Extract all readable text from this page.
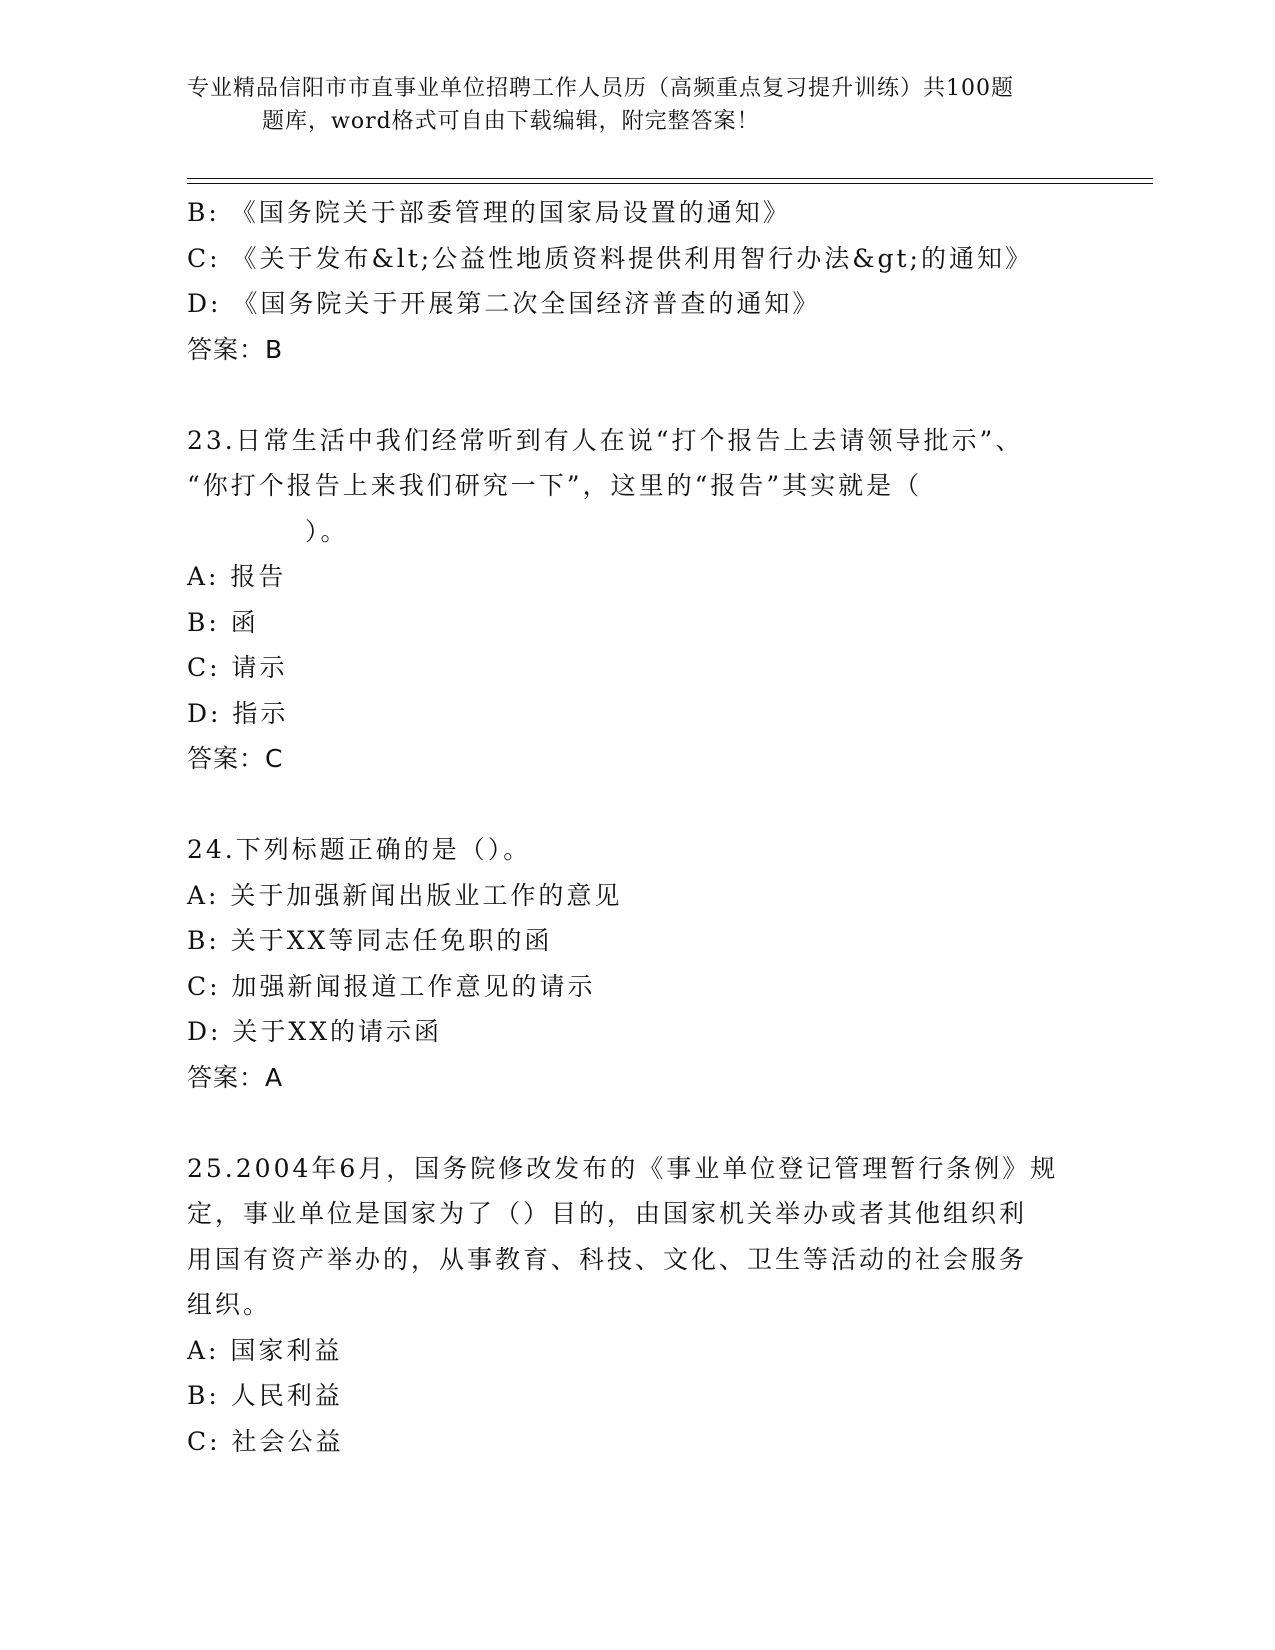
专业精品信阳市市直事业单位招聘工作人员历（高频重点复习提升训练）共100题
题库，word格式可自由下载编辑，附完整答案！
B: 《国务院关于部委管理的国家局设置的通知》
C: 《关于发布&lt;公益性地质资料提供利用智行办法&gt;的通知》
D: 《国务院关于开展第二次全国经济普查的通知》
答案：B
23.日常生活中我们经常听到有人在说“打个报告上去请领导批示”、
“你打个报告上来我们研究一下”，这里的“报告”其实就是（
）。
A: 报告
B: 函
C: 请示
D: 指示
答案：C
24.下列标题正确的是（）。
A: 关于加强新闻出版业工作的意见
B: 关于XX等同志任免职的函
C: 加强新闻报道工作意见的请示
D: 关于XX的请示函
答案：A
25.2004年6月，国务院修改发布的《事业单位登记管理暂行条例》规
定，事业单位是国家为了（）目的，由国家机关举办或者其他组织利
用国有资产举办的，从事教育、科技、文化、卫生等活动的社会服务
组织。
A: 国家利益
B: 人民利益
C: 社会公益
